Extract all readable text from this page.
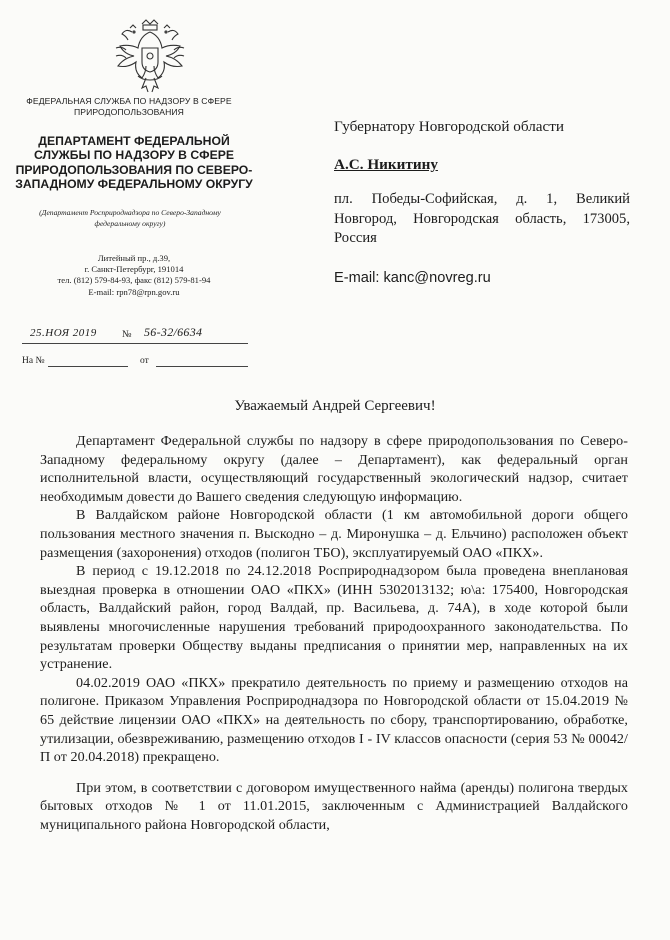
ФЕДЕРАЛЬНАЯ СЛУЖБА ПО НАДЗОРУ В СФЕРЕ ПРИРОДОПОЛЬЗОВАНИЯ
ДЕПАРТАМЕНТ ФЕДЕРАЛЬНОЙ СЛУЖБЫ ПО НАДЗОРУ В СФЕРЕ ПРИРОДОПОЛЬЗОВАНИЯ ПО СЕВЕРО-ЗАПАДНОМУ ФЕДЕРАЛЬНОМУ ОКРУГУ
(Департамент Росприроднадзора по Северо-Западному федеральному округу)
Литейный пр., д.39,
г. Санкт-Петербург, 191014
тел. (812) 579-84-93, факс (812) 579-81-94
E-mail: rpn78@rpn.gov.ru
25.НОЯ 2019	№ 56-32/6634
На №	от
Губернатору Новгородской области
А.С. Никитину
пл. Победы-Софийская, д. 1, Великий Новгород, Новгородская область, 173005, Россия
E-mail: kanc@novreg.ru
Уважаемый Андрей Сергеевич!

Департамент Федеральной службы по надзору в сфере природопользования по Северо-Западному федеральному округу (далее – Департамент), как федеральный орган исполнительной власти, осуществляющий государственный экологический надзор, считает необходимым довести до Вашего сведения следующую информацию.

В Валдайском районе Новгородской области (1 км автомобильной дороги общего пользования местного значения п. Выскодно – д. Миронушка – д. Ельчино) расположен объект размещения (захоронения) отходов (полигон ТБО), эксплуатируемый ОАО «ПКХ».

В период с 19.12.2018 по 24.12.2018 Росприроднадзором была проведена внеплановая выездная проверка в отношении ОАО «ПКХ» (ИНН 5302013132; ю\а: 175400, Новгородская область, Валдайский район, город Валдай, пр. Васильева, д. 74А), в ходе которой были выявлены многочисленные нарушения требований природоохранного законодательства. По результатам проверки Обществу выданы предписания о принятии мер, направленных на их устранение.

04.02.2019 ОАО «ПКХ» прекратило деятельность по приему и размещению отходов на полигоне. Приказом Управления Росприроднадзора по Новгородской области от 15.04.2019 № 65 действие лицензии ОАО «ПКХ» на деятельность по сбору, транспортированию, обработке, утилизации, обезвреживанию, размещению отходов I - IV классов опасности (серия 53 № 00042/П от 20.04.2018) прекращено.

При этом, в соответствии с договором имущественного найма (аренды) полигона твердых бытовых отходов № 1 от 11.01.2015, заключенным с Администрацией Валдайского муниципального района Новгородской области,
